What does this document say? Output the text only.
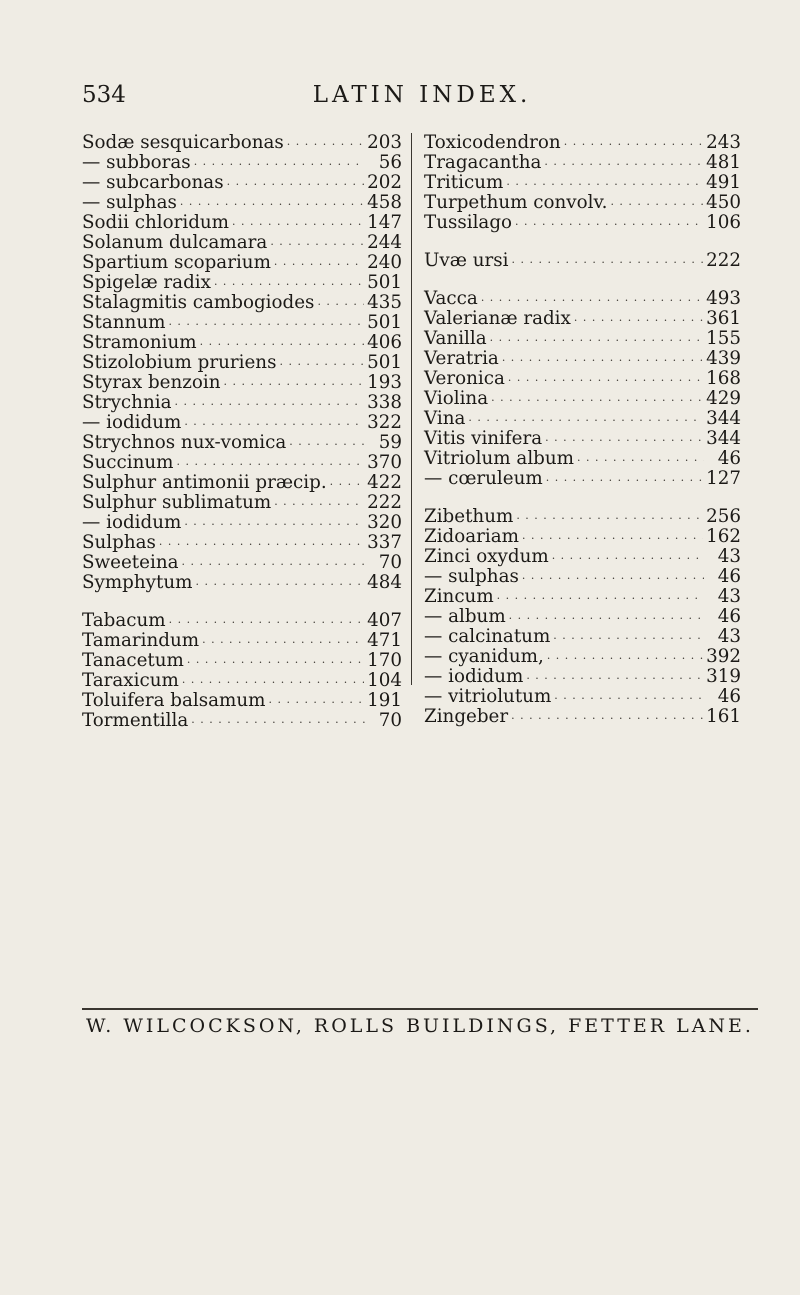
534	LATIN INDEX.
Sodæ sesquicarbonas · · ·	203
— subboras · · ·	56
— subcarbonas · · ·	202
— sulphas · · ·	458
Sodii chloridum · · ·	147
Solanum dulcamara · · ·	244
Spartium scoparium · · ·	240
Spigelæ radix · · ·	501
Stalagmitis cambogiodes · · ·	435
Stannum · · ·	501
Stramonium · · ·	406
Stizolobium pruriens · · ·	501
Styrax benzoin · · ·	193
Strychnia · · ·	338
— iodidum · · ·	322
Strychnos nux-vomica · · ·	59
Succinum · · ·	370
Sulphur antimonii præcip. · · · 422
Sulphur sublimatum · · ·	222
— iodidum · · ·	320
Sulphas · · ·	337
Sweeteina · · ·	70
Symphytum · · ·	484
Tabacum · · ·	407
Tamarindum · · ·	471
Tanacetum · · ·	170
Taraxicum · · ·	104
Toluifera balsamum · · ·	191
Tormentilla · · ·	70
Toxicodendron · · ·	243
Tragacantha · · ·	481
Triticum · · ·	491
Turpethum convolv. · · ·	450
Tussilago · · ·	106
Uvæ ursi · · ·	222
Vacca · · ·	493
Valerianæ radix · · ·	361
Vanilla · · ·	155
Veratria · · ·	439
Veronica · · ·	168
Violina · · ·	429
Vina · · ·	344
Vitis vinifera · · ·	344
Vitriolum album · · ·	46
— cœruleum · · ·	127
Zibethum · · ·	256
Zidoariam · · ·	162
Zinci oxydum · · ·	43
— sulphas · · ·	46
Zincum · · ·	43
— album · · ·	46
— calcinatum · · ·	43
— cyanidum, · · ·	392
— iodidum · · ·	319
— vitriolutum · · ·	46
Zingeber · · ·	161
W. WILCOCKSON, ROLLS BUILDINGS, FETTER LANE.
